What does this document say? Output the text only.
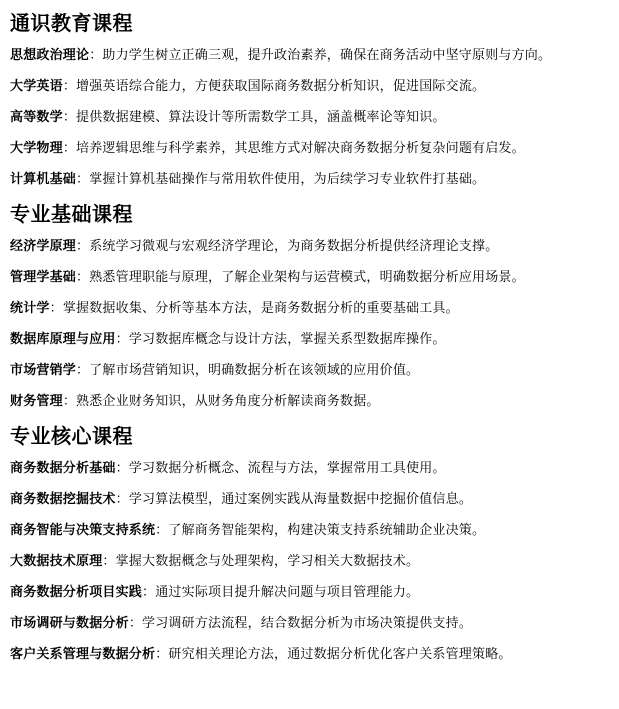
通识教育课程
思想政治理论：助力学生树立正确三观，提升政治素养，确保在商务活动中坚守原则与方向。
大学英语：增强英语综合能力，方便获取国际商务数据分析知识，促进国际交流。
高等数学：提供数据建模、算法设计等所需数学工具，涵盖概率论等知识。
大学物理：培养逻辑思维与科学素养，其思维方式对解决商务数据分析复杂问题有启发。
计算机基础：掌握计算机基础操作与常用软件使用，为后续学习专业软件打基础。
专业基础课程
经济学原理：系统学习微观与宏观经济学理论，为商务数据分析提供经济理论支撑。
管理学基础：熟悉管理职能与原理，了解企业架构与运营模式，明确数据分析应用场景。
统计学：掌握数据收集、分析等基本方法，是商务数据分析的重要基础工具。
数据库原理与应用：学习数据库概念与设计方法，掌握关系型数据库操作。
市场营销学：了解市场营销知识，明确数据分析在该领域的应用价值。
财务管理：熟悉企业财务知识，从财务角度分析解读商务数据。
专业核心课程
商务数据分析基础：学习数据分析概念、流程与方法，掌握常用工具使用。
商务数据挖掘技术：学习算法模型，通过案例实践从海量数据中挖掘价值信息。
商务智能与决策支持系统：了解商务智能架构，构建决策支持系统辅助企业决策。
大数据技术原理：掌握大数据概念与处理架构，学习相关大数据技术。
商务数据分析项目实践：通过实际项目提升解决问题与项目管理能力。
市场调研与数据分析：学习调研方法流程，结合数据分析为市场决策提供支持。
客户关系管理与数据分析：研究相关理论方法，通过数据分析优化客户关系管理策略。
